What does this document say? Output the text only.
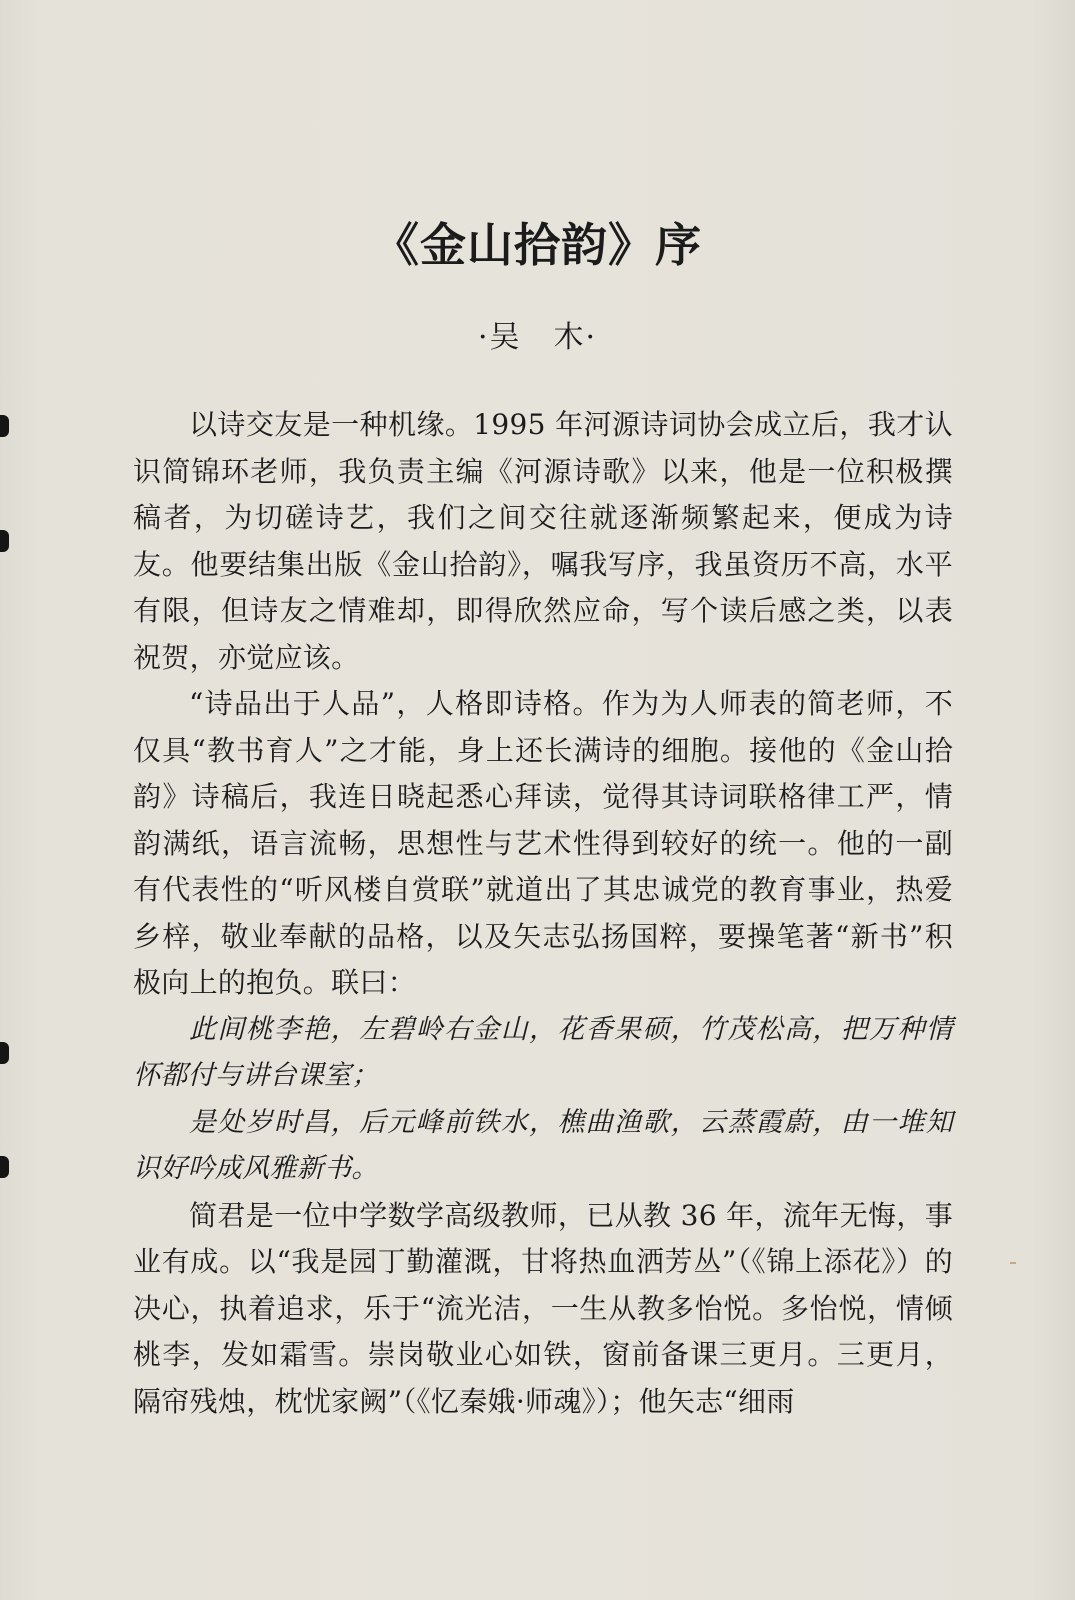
《金山拾韵》序
·吴　木·

以诗交友是一种机缘。1995 年河源诗词协会成立后，我才认识简锦环老师，我负责主编《河源诗歌》以来，他是一位积极撰稿者，为切磋诗艺，我们之间交往就逐渐频繁起来，便成为诗友。他要结集出版《金山拾韵》，嘱我写序，我虽资历不高，水平有限，但诗友之情难却，即得欣然应命，写个读后感之类，以表祝贺，亦觉应该。

“诗品出于人品”，人格即诗格。作为为人师表的简老师，不仅具“教书育人”之才能，身上还长满诗的细胞。接他的《金山拾韵》诗稿后，我连日晓起悉心拜读，觉得其诗词联格律工严，情韵满纸，语言流畅，思想性与艺术性得到较好的统一。他的一副有代表性的“听风楼自赏联”就道出了其忠诚党的教育事业，热爱乡梓，敬业奉献的品格，以及矢志弘扬国粹，要操笔著“新书”积极向上的抱负。联曰：

此间桃李艳，左碧岭右金山，花香果硕，竹茂松高，把万种情怀都付与讲台课室；

是处岁时昌，后元峰前铁水，樵曲渔歌，云蒸霞蔚，由一堆知识好吟成风雅新书。

简君是一位中学数学高级教师，已从教 36 年，流年无悔，事业有成。以“我是园丁勤灌溉，甘将热血洒芳丛”（《锦上添花》）的决心，执着追求，乐于“流光洁，一生从教多怡悦。多怡悦，情倾桃李，发如霜雪。崇岗敬业心如铁，窗前备课三更月。三更月，隔帘残烛，枕忧家阙”（《忆秦娥·师魂》）；他矢志“细雨
